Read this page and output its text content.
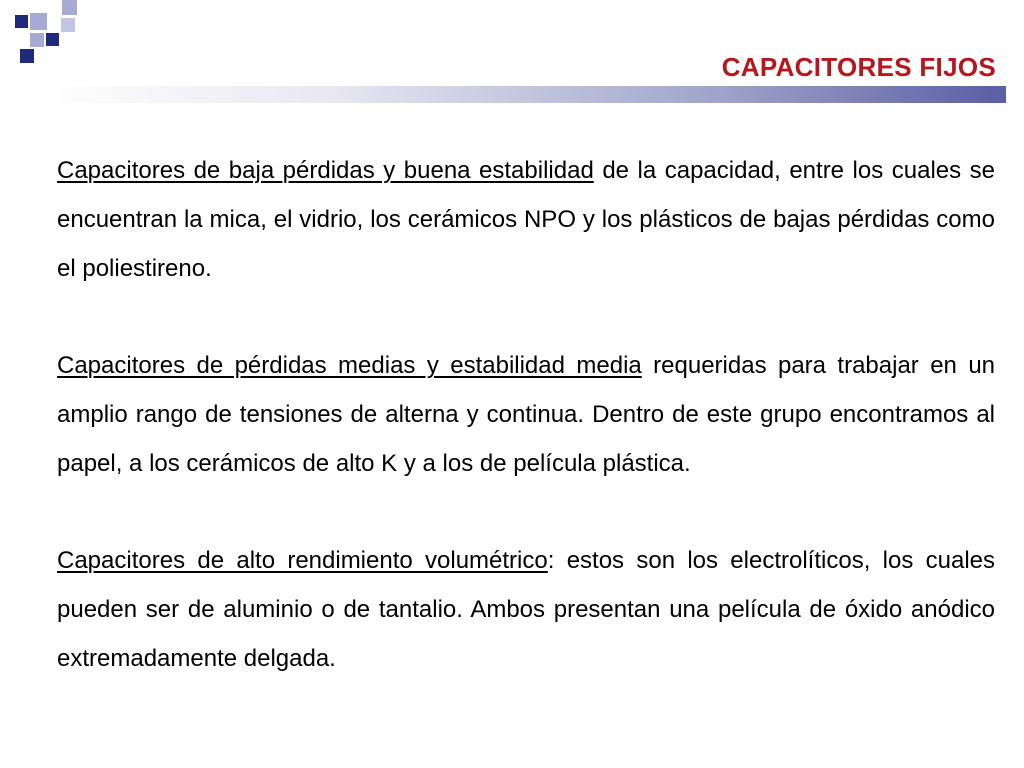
CAPACITORES FIJOS

Capacitores de baja pérdidas y buena estabilidad de la capacidad, entre los cuales se encuentran la mica, el vidrio, los cerámicos NPO y los plásticos de bajas pérdidas como el poliestireno.

Capacitores de pérdidas medias y estabilidad media requeridas para trabajar en un amplio rango de tensiones de alterna y continua. Dentro de este grupo encontramos al papel, a los cerámicos de alto K y a los de película plástica.

Capacitores de alto rendimiento volumétrico: estos son los electrolíticos, los cuales pueden ser de aluminio o de tantalio. Ambos presentan una película de óxido anódico extremadamente delgada.
